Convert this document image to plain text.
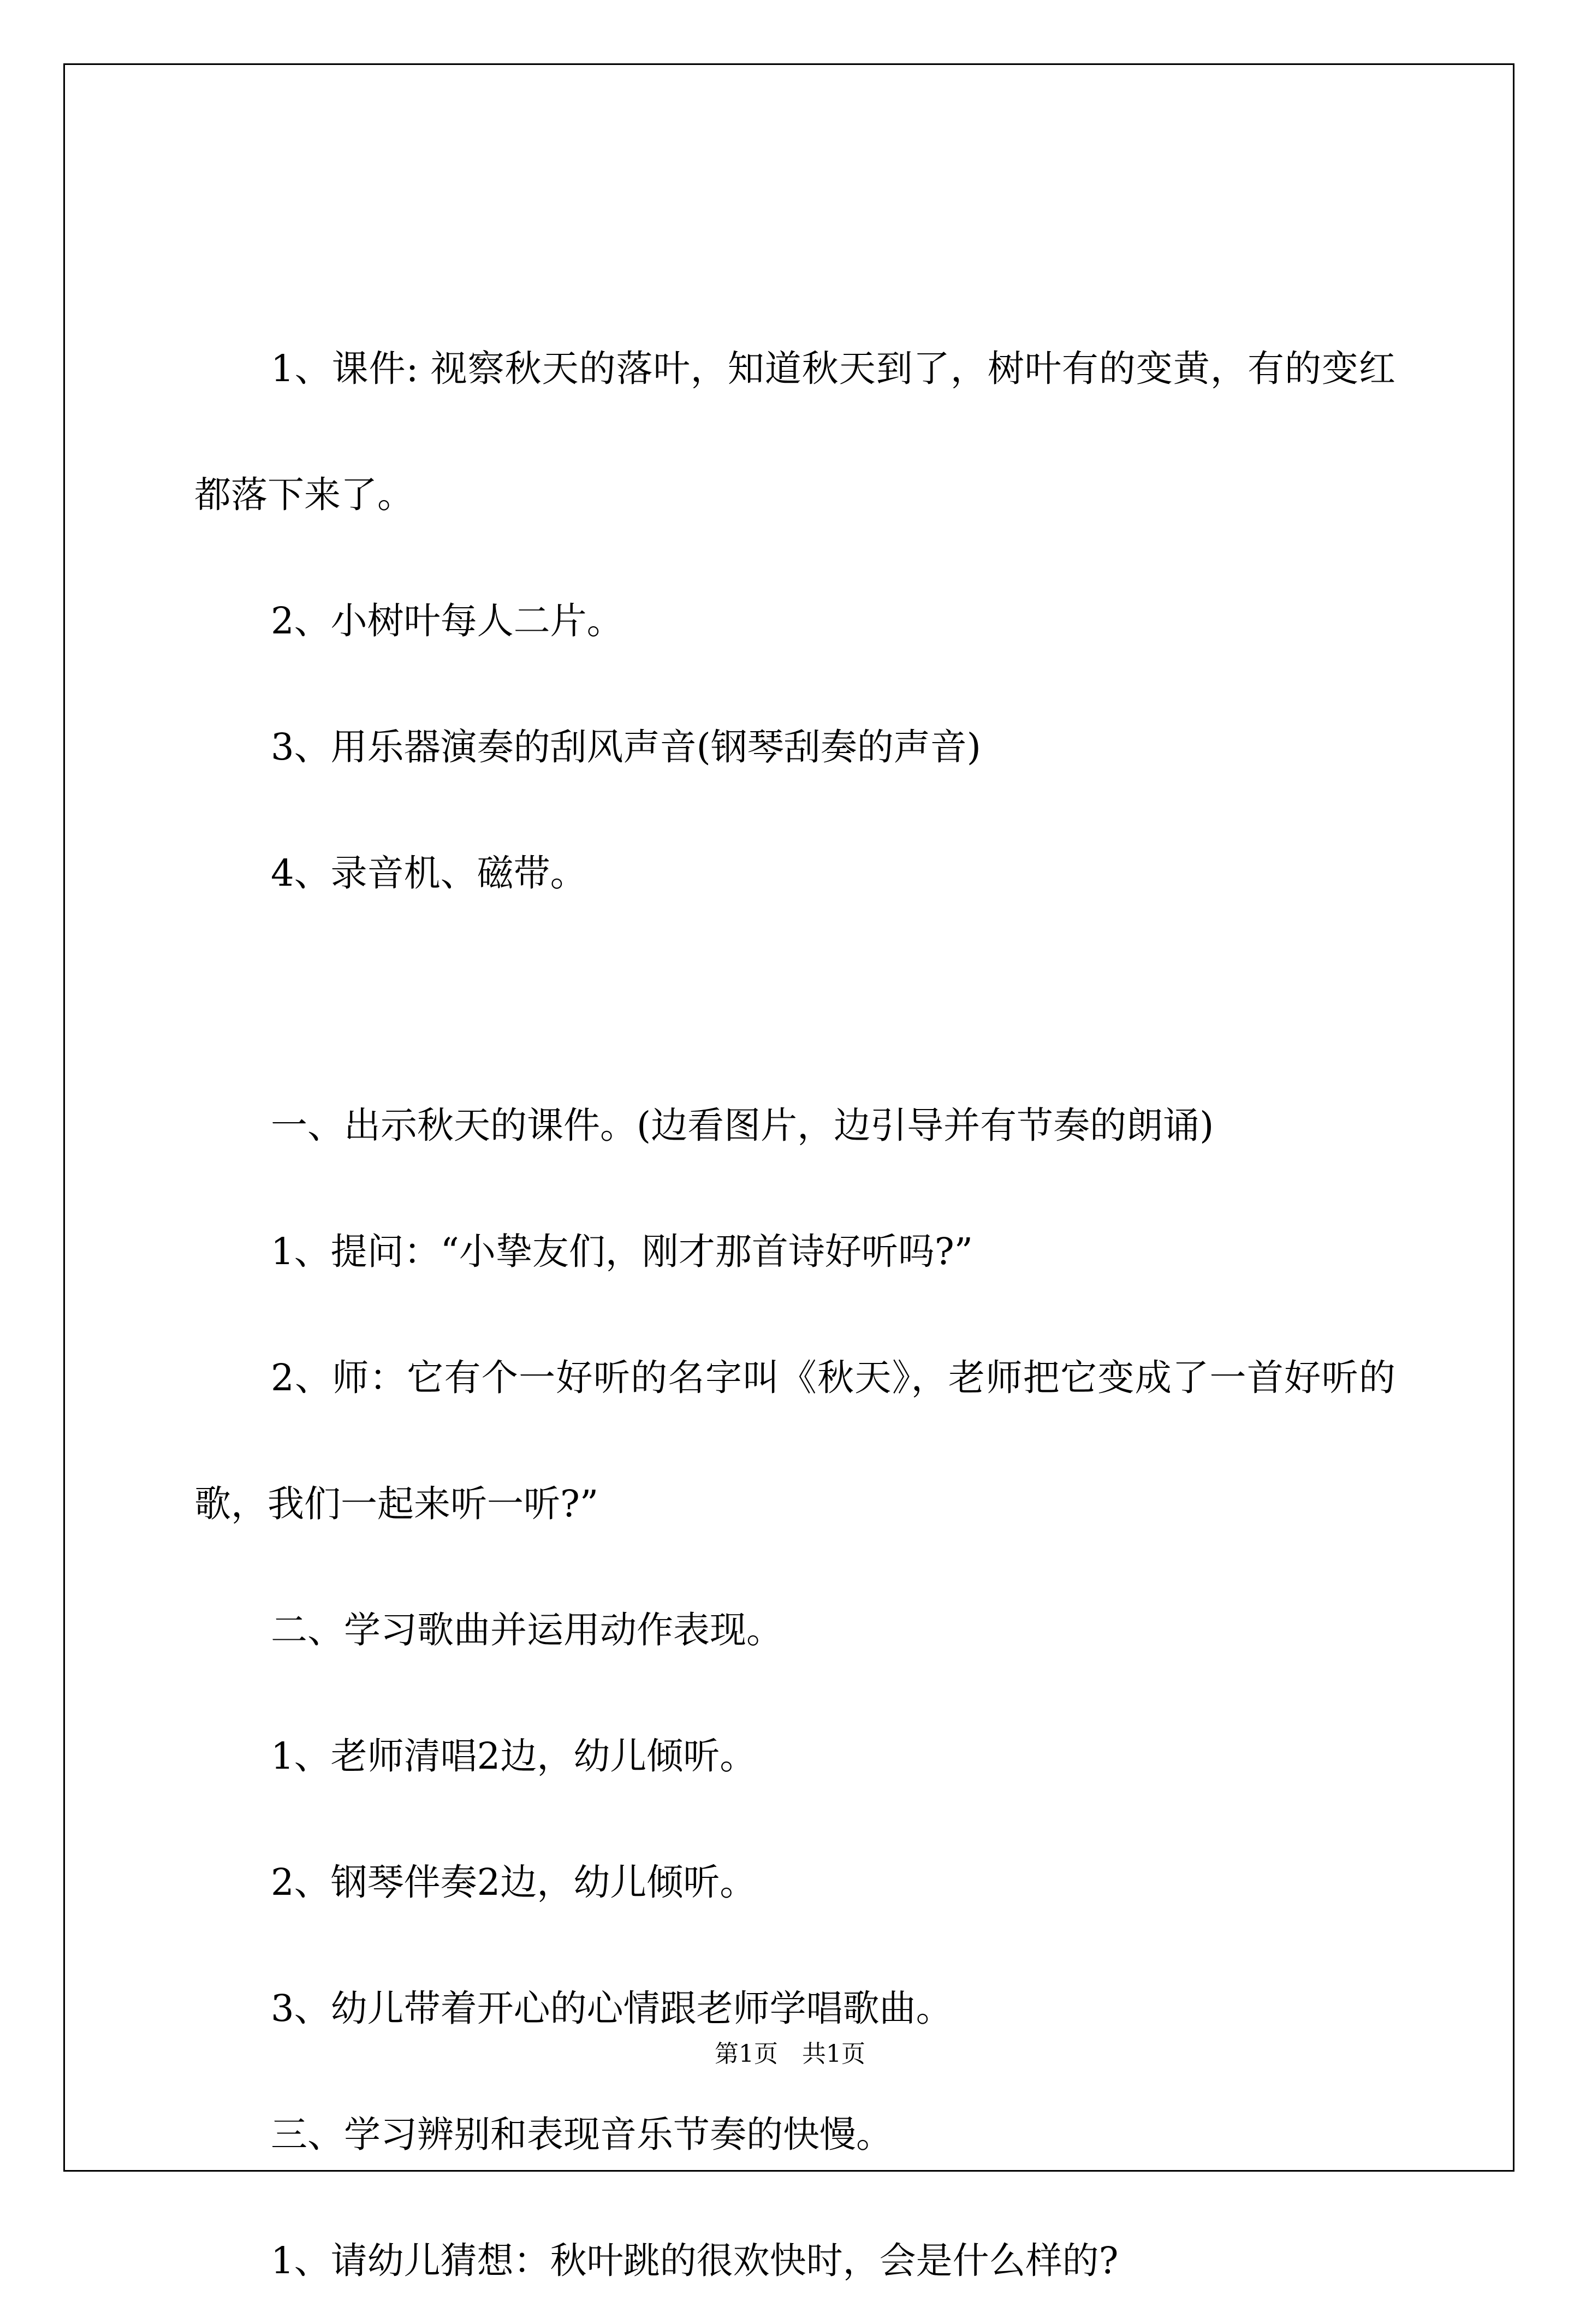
1、课件: 视察秋天的落叶，知道秋天到了，树叶有的变黄，有的变红都落下来了。

2、小树叶每人二片。

3、用乐器演奏的刮风声音(钢琴刮奏的声音)

4、录音机、磁带。

一、出示秋天的课件。(边看图片，边引导并有节奏的朗诵)

1、提问：“小挚友们，刚才那首诗好听吗?”

2、师：它有个一好听的名字叫《秋天》，老师把它变成了一首好听的歌，我们一起来听一听?”

二、学习歌曲并运用动作表现。

1、老师清唱2边，幼儿倾听。

2、钢琴伴奏2边，幼儿倾听。

3、幼儿带着开心的心情跟老师学唱歌曲。

三、学习辨别和表现音乐节奏的快慢。

1、请幼儿猜想：秋叶跳的很欢快时，会是什么样的?

第1页　共1页
